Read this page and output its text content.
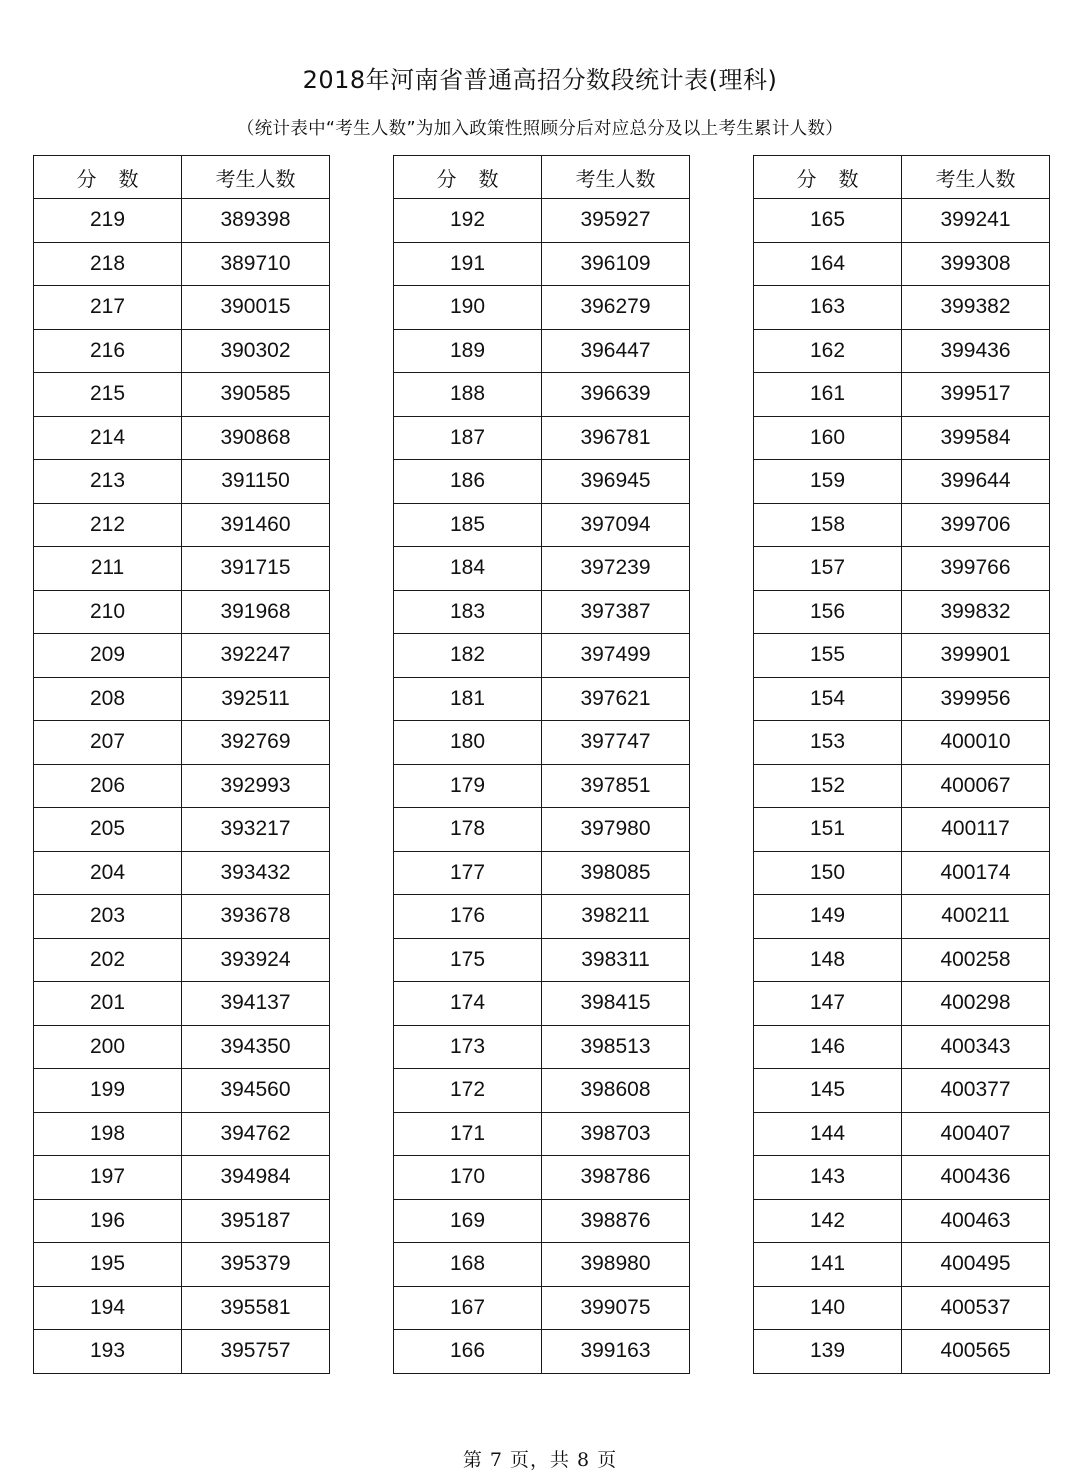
2018年河南省普通高招分数段统计表(理科)
（统计表中“考生人数”为加入政策性照顾分后对应总分及以上考生累计人数）
分数	考生人数
219	389398
218	389710
217	390015
216	390302
215	390585
214	390868
213	391150
212	391460
211	391715
210	391968
209	392247
208	392511
207	392769
206	392993
205	393217
204	393432
203	393678
202	393924
201	394137
200	394350
199	394560
198	394762
197	394984
196	395187
195	395379
194	395581
193	395757
分数	考生人数
192	395927
191	396109
190	396279
189	396447
188	396639
187	396781
186	396945
185	397094
184	397239
183	397387
182	397499
181	397621
180	397747
179	397851
178	397980
177	398085
176	398211
175	398311
174	398415
173	398513
172	398608
171	398703
170	398786
169	398876
168	398980
167	399075
166	399163
分数	考生人数
165	399241
164	399308
163	399382
162	399436
161	399517
160	399584
159	399644
158	399706
157	399766
156	399832
155	399901
154	399956
153	400010
152	400067
151	400117
150	400174
149	400211
148	400258
147	400298
146	400343
145	400377
144	400407
143	400436
142	400463
141	400495
140	400537
139	400565
第 7 页，共 8 页
